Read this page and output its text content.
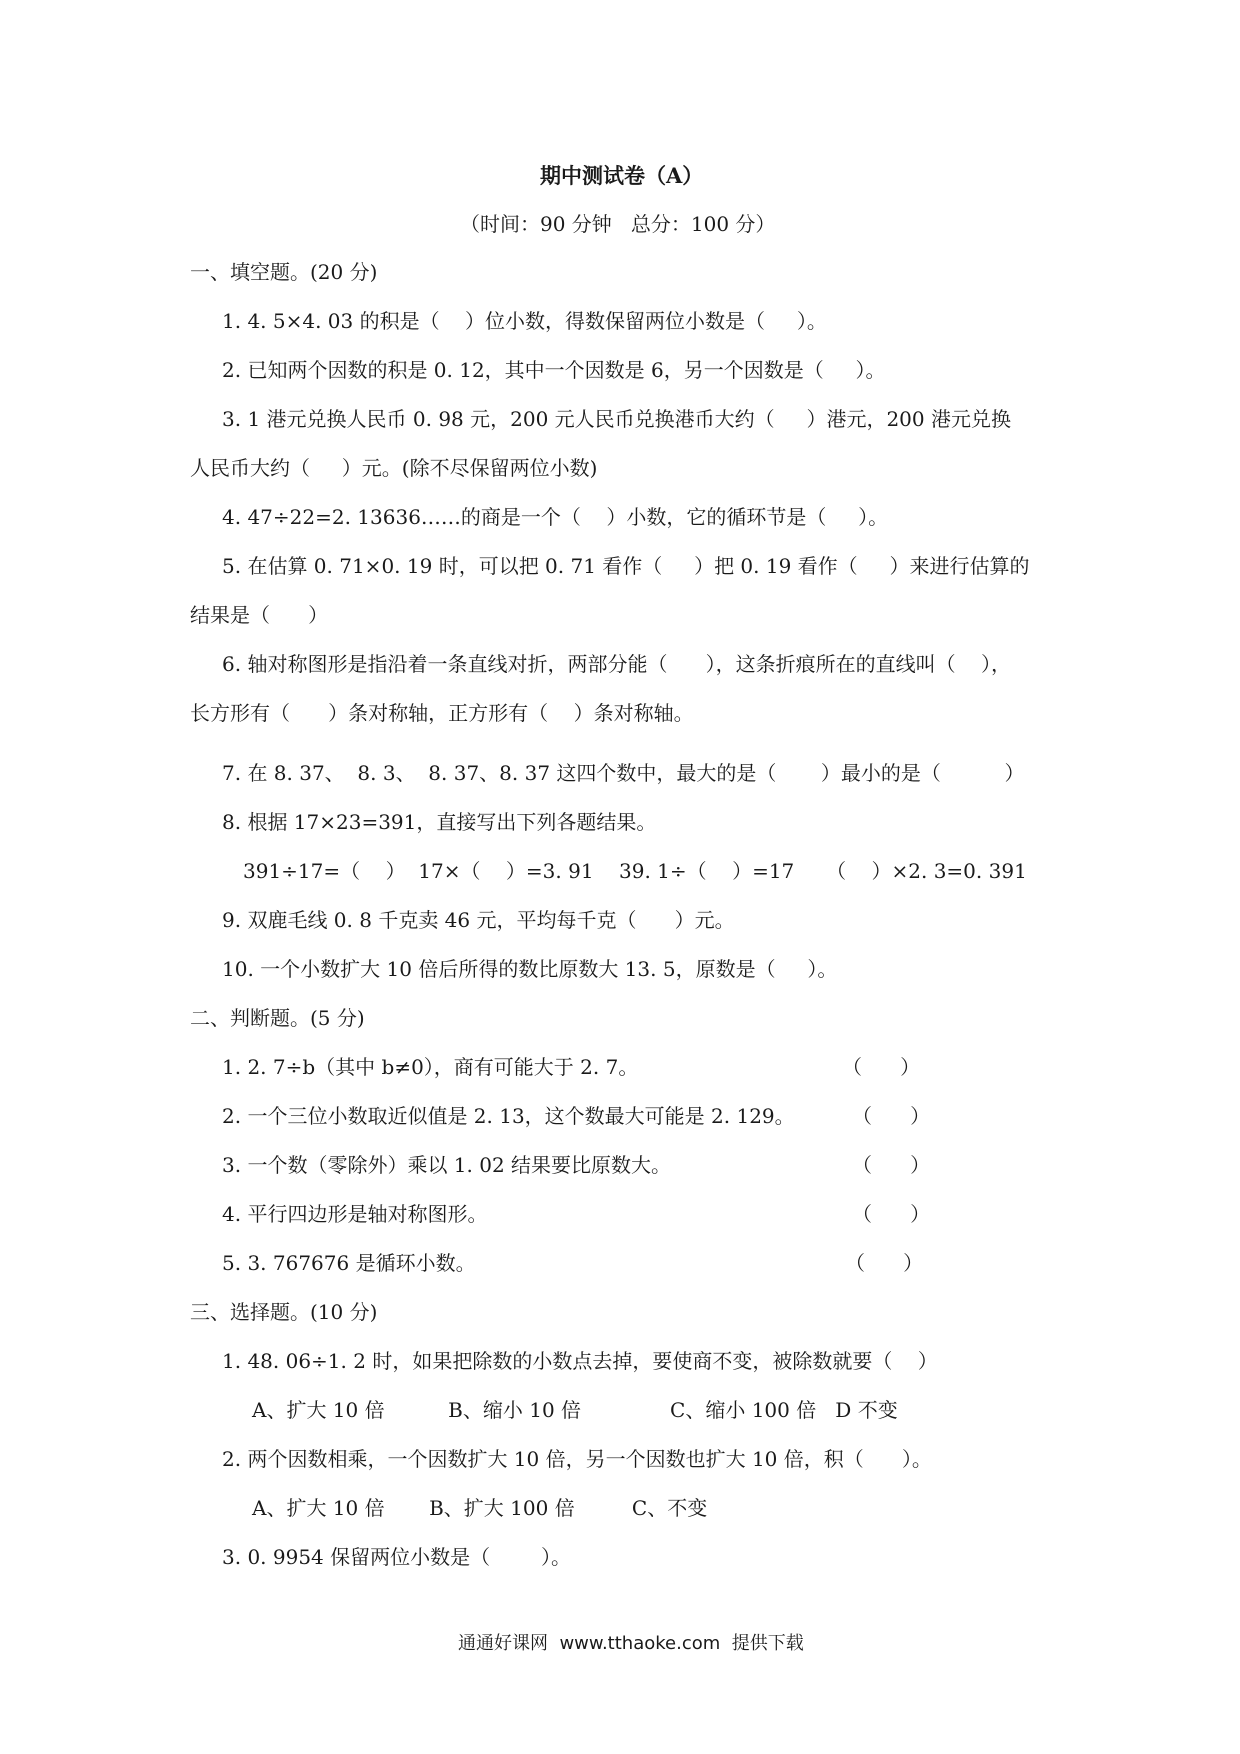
期中测试卷（A）
（时间：90 分钟   总分：100 分）
一、填空题。(20 分)
1. 4. 5×4. 03 的积是（    ）位小数，得数保留两位小数是（     ）。
2. 已知两个因数的积是 0. 12，其中一个因数是 6，另一个因数是（     ）。
3. 1 港元兑换人民币 0. 98 元，200 元人民币兑换港币大约（     ）港元，200 港元兑换
人民币大约（     ）元。(除不尽保留两位小数)
4. 47÷22=2. 13636……的商是一个（    ）小数，它的循环节是（     ）。
5. 在估算 0. 71×0. 19 时，可以把 0. 71 看作（     ）把 0. 19 看作（     ）来进行估算的
结果是（      ）
6. 轴对称图形是指沿着一条直线对折，两部分能（      ），这条折痕所在的直线叫（    ），
长方形有（      ）条对称轴，正方形有（    ）条对称轴。
7. 在 8. 37、  8. 3、  8. 37、8. 37 这四个数中，最大的是（       ）最小的是（          ）
8. 根据 17×23=391，直接写出下列各题结果。
391÷17=（    ）  17×（    ）=3. 91    39. 1÷（    ）=17     （    ）×2. 3=0. 391
9. 双鹿毛线 0. 8 千克卖 46 元，平均每千克（      ）元。
10. 一个小数扩大 10 倍后所得的数比原数大 13. 5，原数是（     ）。
二、判断题。(5 分)
1. 2. 7÷b（其中 b≠0），商有可能大于 2. 7。	（      ）
2. 一个三位小数取近似值是 2. 13，这个数最大可能是 2. 129。	（      ）
3. 一个数（零除外）乘以 1. 02 结果要比原数大。	（      ）
4. 平行四边形是轴对称图形。	（      ）
5. 3. 767676 是循环小数。	（      ）
三、选择题。(10 分)
1. 48. 06÷1. 2 时，如果把除数的小数点去掉，要使商不变，被除数就要（    ）
A、扩大 10 倍          B、缩小 10 倍              C、缩小 100 倍   D 不变
2. 两个因数相乘，一个因数扩大 10 倍，另一个因数也扩大 10 倍，积（      ）。
A、扩大 10 倍       B、扩大 100 倍         C、不变
3. 0. 9954 保留两位小数是（        ）。
通通好课网  www.tthaoke.com  提供下载
